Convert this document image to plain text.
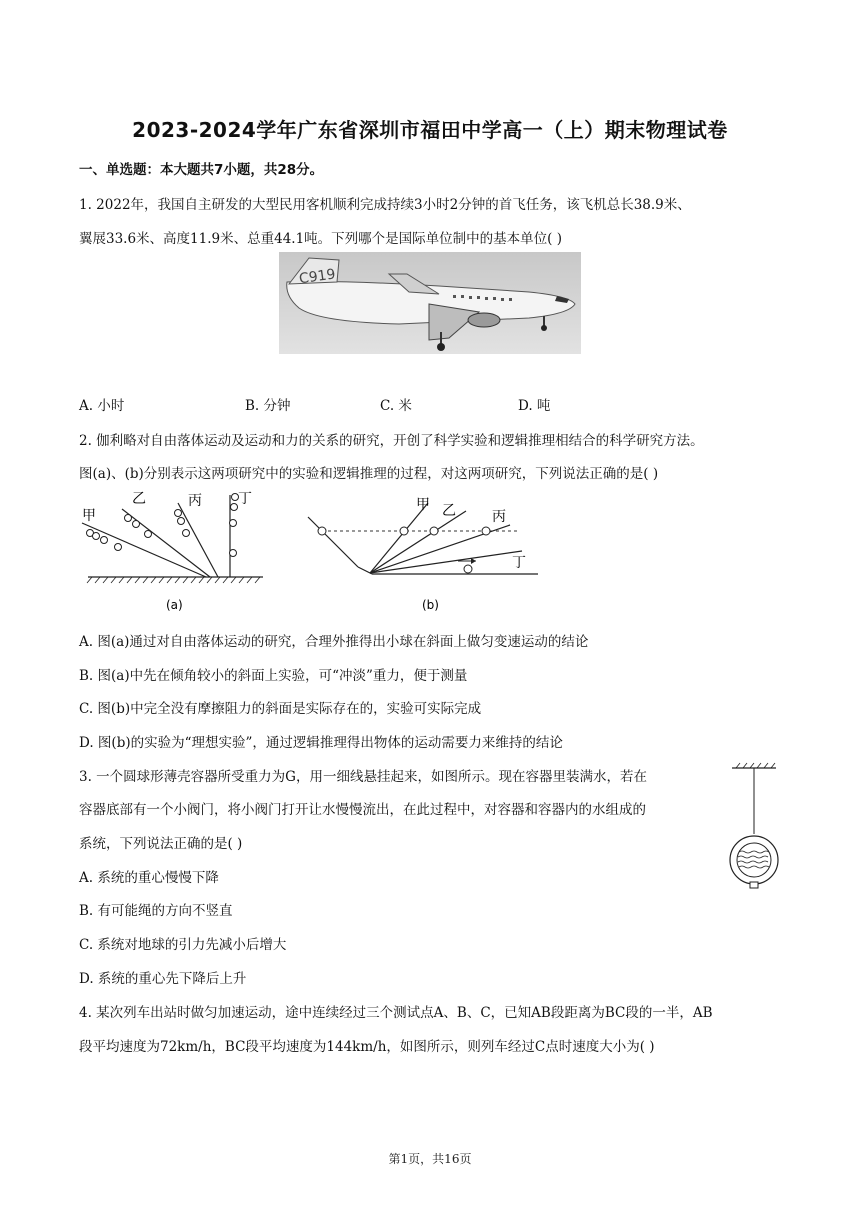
2023-2024学年广东省深圳市福田中学高一（上）期末物理试卷
一、单选题：本大题共7小题，共28分。
1. 2022年，我国自主研发的大型民用客机顺利完成持续3小时2分钟的首飞任务，该飞机总长38.9米、
翼展33.6米、高度11.9米、总重44.1吨。下列哪个是国际单位制中的基本单位( )
C919
A. 小时	B. 分钟	C. 米	D. 吨
2. 伽利略对自由落体运动及运动和力的关系的研究，开创了科学实验和逻辑推理相结合的科学研究方法。
图(a)、(b)分别表示这两项研究中的实验和逻辑推理的过程，对这两项研究，下列说法正确的是( )
甲
乙	丙	丁
(a)
甲 乙	丙
丁
(b)
A. 图(a)通过对自由落体运动的研究，合理外推得出小球在斜面上做匀变速运动的结论
B. 图(a)中先在倾角较小的斜面上实验，可“冲淡”重力，便于测量
C. 图(b)中完全没有摩擦阻力的斜面是实际存在的，实验可实际完成
D. 图(b)的实验为“理想实验”，通过逻辑推理得出物体的运动需要力来维持的结论
3. 一个圆球形薄壳容器所受重力为G，用一细线悬挂起来，如图所示。现在容器里装满水，若在
容器底部有一个小阀门，将小阀门打开让水慢慢流出，在此过程中，对容器和容器内的水组成的
系统，下列说法正确的是( )
A. 系统的重心慢慢下降
B. 有可能绳的方向不竖直
C. 系统对地球的引力先减小后增大
D. 系统的重心先下降后上升
4. 某次列车出站时做匀加速运动，途中连续经过三个测试点A、B、C，已知AB段距离为BC段的一半，AB
段平均速度为72km/h，BC段平均速度为144km/h，如图所示，则列车经过C点时速度大小为( )
第1页，共16页
